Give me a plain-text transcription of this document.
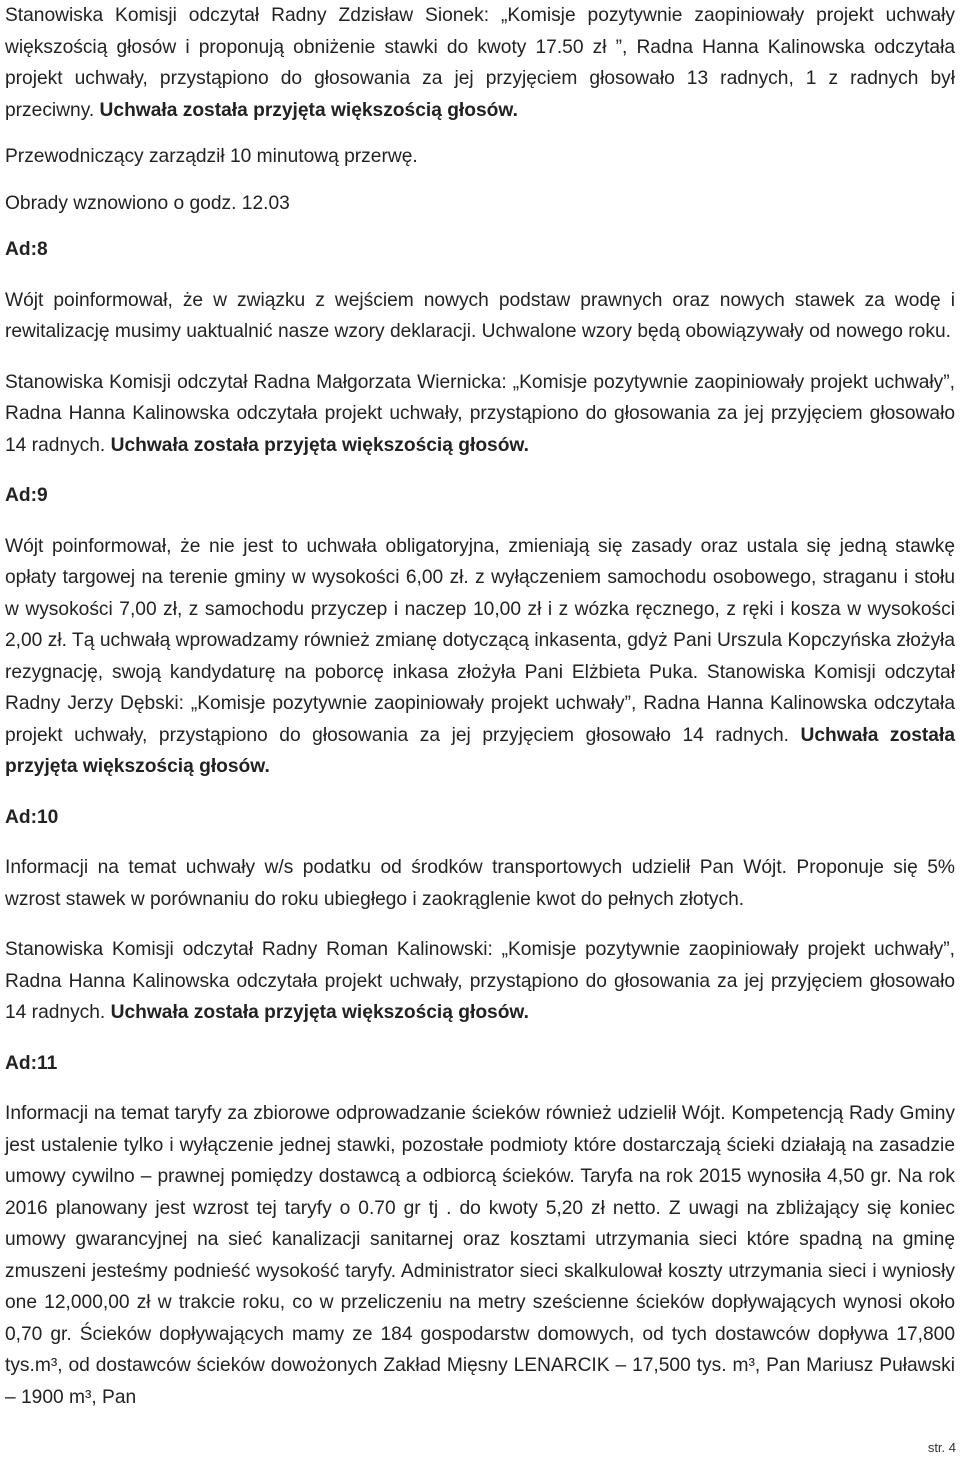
Stanowiska Komisji odczytał Radny Zdzisław Sionek: „Komisje pozytywnie zaopiniowały projekt uchwały większością głosów i proponują obniżenie stawki do kwoty 17.50 zł ”, Radna Hanna Kalinowska odczytała projekt uchwały, przystąpiono do głosowania za jej przyjęciem głosowało 13 radnych, 1 z radnych był przeciwny. Uchwała została przyjęta większością głosów.

Przewodniczący zarządził 10 minutową przerwę.

Obrady wznowiono o godz. 12.03

Ad:8

Wójt poinformował, że w związku z wejściem nowych podstaw prawnych oraz nowych stawek za wodę i rewitalizację musimy uaktualnić nasze wzory deklaracji. Uchwalone wzory będą obowiązywały od nowego roku.

Stanowiska Komisji odczytał Radna Małgorzata Wiernicka: „Komisje pozytywnie zaopiniowały projekt uchwały”, Radna Hanna Kalinowska odczytała projekt uchwały, przystąpiono do głosowania za jej przyjęciem głosowało 14 radnych. Uchwała została przyjęta większością głosów.

Ad:9

Wójt poinformował, że nie jest to uchwała obligatoryjna, zmieniają się zasady oraz ustala się jedną stawkę opłaty targowej na terenie gminy w wysokości 6,00 zł. z wyłączeniem samochodu osobowego, straganu i stołu w wysokości 7,00 zł, z samochodu przyczep i naczep 10,00 zł i z wózka ręcznego, z ręki i kosza w wysokości 2,00 zł. Tą uchwałą wprowadzamy również zmianę dotyczącą inkasenta, gdyż Pani Urszula Kopczyńska złożyła rezygnację, swoją kandydaturę na poborcę inkasa złożyła Pani Elżbieta Puka. Stanowiska Komisji odczytał Radny Jerzy Dębski: „Komisje pozytywnie zaopiniowały projekt uchwały”, Radna Hanna Kalinowska odczytała projekt uchwały, przystąpiono do głosowania za jej przyjęciem głosowało 14 radnych. Uchwała została przyjęta większością głosów.

Ad:10

Informacji na temat uchwały w/s podatku od środków transportowych udzielił Pan Wójt. Proponuje się 5% wzrost stawek w porównaniu do roku ubiegłego i zaokrąglenie kwot do pełnych złotych.

Stanowiska Komisji odczytał Radny Roman Kalinowski: „Komisje pozytywnie zaopiniowały projekt uchwały”, Radna Hanna Kalinowska odczytała projekt uchwały, przystąpiono do głosowania za jej przyjęciem głosowało 14 radnych. Uchwała została przyjęta większością głosów.

Ad:11

Informacji na temat taryfy za zbiorowe odprowadzanie ścieków również udzielił Wójt. Kompetencją Rady Gminy jest ustalenie tylko i wyłączenie jednej stawki, pozostałe podmioty które dostarczają ścieki działają na zasadzie umowy cywilno – prawnej pomiędzy dostawcą a odbiorcą ścieków. Taryfa na rok 2015 wynosiła 4,50 gr. Na rok 2016 planowany jest wzrost tej taryfy o 0.70 gr tj . do kwoty 5,20 zł netto. Z uwagi na zbliżający się koniec umowy gwarancyjnej na sieć kanalizacji sanitarnej oraz kosztami utrzymania sieci które spadną na gminę zmuszeni jesteśmy podnieść wysokość taryfy. Administrator sieci skalkulował koszty utrzymania sieci i wyniosły one 12,000,00 zł w trakcie roku, co w przeliczeniu na metry sześcienne ścieków dopływających wynosi około 0,70 gr. Ścieków dopływających mamy ze 184 gospodarstw domowych, od tych dostawców dopływa 17,800 tys.m³, od dostawców ścieków dowożonych Zakład Mięsny LENARCIK – 17,500 tys. m³, Pan Mariusz Puławski – 1900 m³, Pan

str. 4
